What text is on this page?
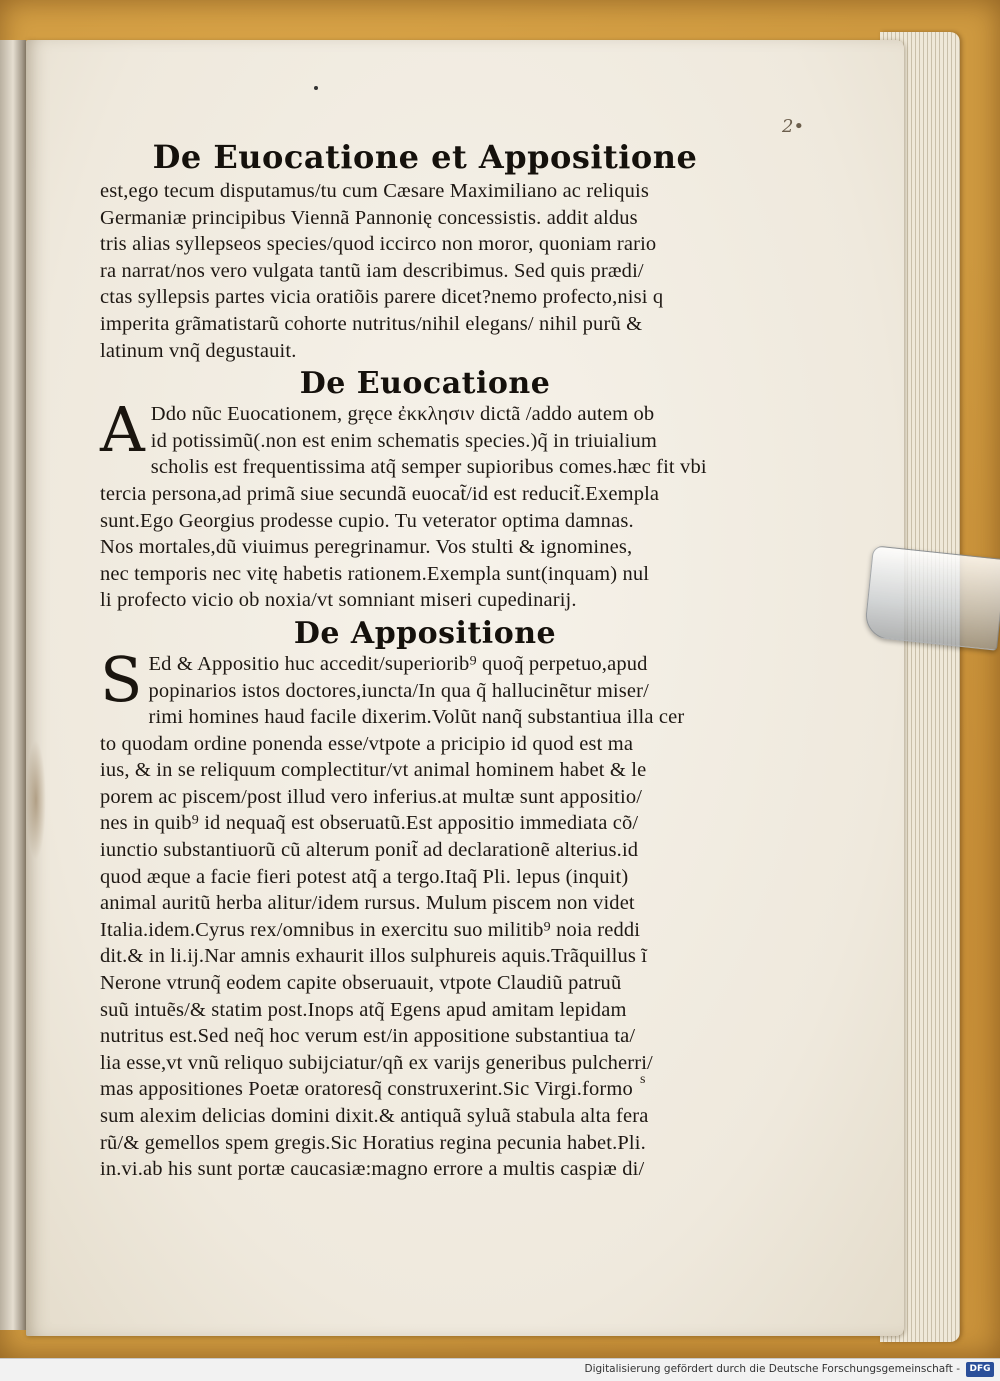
2•
De Euocatione et Appositione
est,ego tecum disputamus/tu cum Cæsare Maximiliano ac reliquis
Germaniæ principibus Viennã Pannonię concessistis. addit aldus
tris alias syllepseos species/quod iccirco non moror, quoniam rario
ra narrat/nos vero vulgata tantũ iam describimus. Sed quis prædi/
ctas syllepsis partes vicia oratiõis parere dicet?nemo profecto,nisi q
imperita grãmatistarũ cohorte nutritus/nihil elegans/ nihil purũ &
latinum vnq̃ degustauit.
De Euocatione
A Ddo nũc Euocationem, gręce ἐκκλησιν dictã /addo autem ob
id potissimũ(.non est enim schematis species.)q̃ in triuialium
scholis est frequentissima atq̃ semper supioribus comes.hæc fit vbi
tercia persona,ad primã siue secundã euocat̃/id est reducit̃.Exempla
sunt.Ego Georgius prodesse cupio. Tu veterator optima damnas.
Nos mortales,dũ viuimus peregrinamur. Vos stulti & ignomines,
nec temporis nec vitę habetis rationem.Exempla sunt(inquam) nul
li profecto vicio ob noxia/vt somniant miseri cupedinarij.
De Appositione
S Ed & Appositio huc accedit/superiorib⁹ quoq̃ perpetuo,apud
popinarios istos doctores,iuncta/In qua q̃ hallucinẽtur miser/
rimi homines haud facile dixerim.Volũt nanq̃ substantiua illa cer
to quodam ordine ponenda esse/vtpote a pricipio id quod est ma
ius, & in se reliquum complectitur/vt animal hominem habet & le
porem ac piscem/post illud vero inferius.at multæ sunt appositio/
nes in quib⁹ id nequaq̃ est obseruatũ.Est appositio immediata cõ/
iunctio substantiuorũ cũ alterum ponit̃ ad declarationẽ alterius.id
quod æque a facie fieri potest atq̃ a tergo.Itaq̃ Pli. lepus (inquit)
animal auritũ herba alitur/idem rursus. Mulum piscem non videt
Italia.idem.Cyrus rex/omnibus in exercitu suo militib⁹ noia reddi
dit.& in li.ij.Nar amnis exhaurit illos sulphureis aquis.Trãquillus ĩ
Nerone vtrunq̃ eodem capite obseruauit, vtpote Claudiũ patruũ
suũ intuẽs/& statim post.Inops atq̃ Egens apud amitam lepidam
nutritus est.Sed neq̃ hoc verum est/in appositione substantiua ta/
lia esse,vt vnũ reliquo subijciatur/qñ ex varijs generibus pulcherri/
mas appositiones Poetæ oratoresq̃ construxerint.Sic Virgi.formo
sum alexim delicias domini dixit.& antiquã syluã stabula alta fera
rũ/& gemellos spem gregis.Sic Horatius regina pecunia habet.Pli.
in.vi.ab his sunt portæ caucasiæ:magno errore a multis caspiæ di/
s
Digitalisierung gefördert durch die Deutsche Forschungsgemeinschaft -	DFG
